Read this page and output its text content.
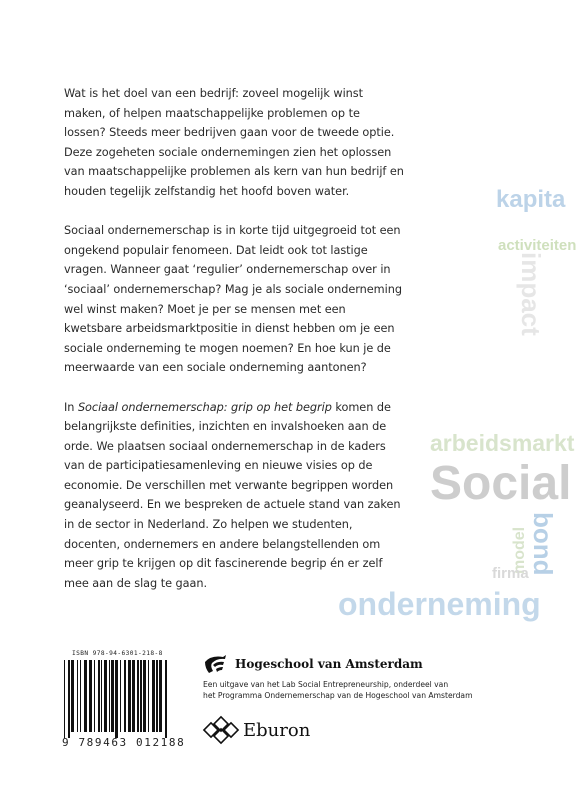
Wat is het doel van een bedrijf: zoveel mogelijk winst maken, of helpen maatschappelijke problemen op te lossen? Steeds meer bedrijven gaan voor de tweede optie. Deze zogeheten sociale ondernemingen zien het oplossen van maatschappelijke problemen als kern van hun bedrijf en houden tegelijk zelfstandig het hoofd boven water.

Sociaal ondernemerschap is in korte tijd uitgegroeid tot een ongekend populair fenomeen. Dat leidt ook tot lastige vragen. Wanneer gaat ‘regulier’ ondernemerschap over in ‘sociaal’ ondernemerschap? Mag je als sociale onderneming wel winst maken? Moet je per se mensen met een kwetsbare arbeidsmarktpositie in dienst hebben om je een sociale onderneming te mogen noemen? En hoe kun je de meerwaarde van een sociale onderneming aantonen?

In Sociaal ondernemerschap: grip op het begrip komen de belangrijkste definities, inzichten en invalshoeken aan de orde. We plaatsen sociaal ondernemerschap in de kaders van de participatiesamenleving en nieuwe visies op de economie. De verschillen met verwante begrippen worden geanalyseerd. En we bespreken de actuele stand van zaken in de sector in Nederland. Zo helpen we studenten, docenten, ondernemers en andere belangstellenden om meer grip te krijgen op dit fascinerende begrip én er zelf mee aan de slag te gaan.

kapita
activiteiten
impact
arbeidsmarkt
Social
bond
model
firma
onderneming
ISBN 978-94-6301-218-8
9 789463 012188
Hogeschool van Amsterdam
Een uitgave van het Lab Social Entrepreneurship, onderdeel van
het Programma Ondernemerschap van de Hogeschool van Amsterdam
Eburon
